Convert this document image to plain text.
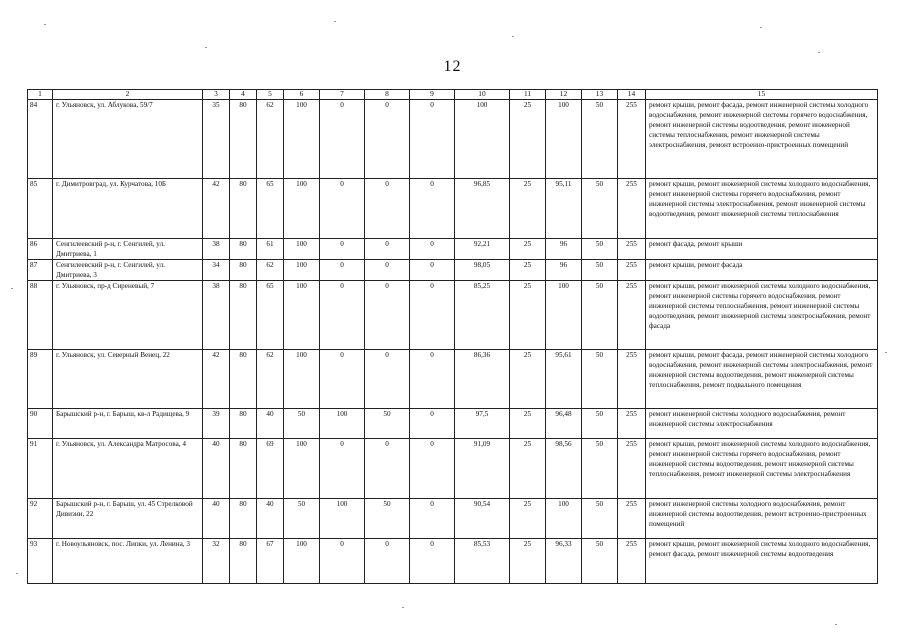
12
1	2	3	4	5	6	7	8	9	10	11	12	13	14	15
84	г. Ульяновск, ул. Аблукова, 59/7	35	80	62	100	0	0	0	100	25	100	50	255	ремонт крыши, ремонт фасада, ремонт инженерной системы холодного водоснабжения, ремонт инженерной системы горячего водоснабжения, ремонт инженерной системы водоотведения, ремонт инженерной системы теплоснабжения, ремонт инженерной системы электроснабжения, ремонт встроенно-пристроенных помещений
85	г. Димитровград, ул. Курчатова, 10Б	42	80	65	100	0	0	0	96,85	25	95,11	50	255	ремонт крыши, ремонт инженерной системы холодного водоснабжения, ремонт инженерной системы горячего водоснабжения, ремонт инженерной системы электроснабжения, ремонт инженерной системы водоотведения, ремонт инженерной системы теплоснабжения
86	Сенгилеевский р-н, г. Сенгилей, ул. Дмитриева, 1	38	80	61	100	0	0	0	92,21	25	96	50	255	ремонт фасада, ремонт крыши
87	Сенгилеевский р-н, г. Сенгилей, ул. Дмитриева, 3	34	80	62	100	0	0	0	98,05	25	96	50	255	ремонт крыши, ремонт фасада
88	г. Ульяновск, пр-д Сиреневый, 7	38	80	65	100	0	0	0	85,25	25	100	50	255	ремонт крыши, ремонт инженерной системы холодного водоснабжения, ремонт инженерной системы горячего водоснабжения, ремонт инженерной системы теплоснабжения, ремонт инженерной системы водоотведения, ремонт инженерной системы электроснабжения, ремонт фасада
89	г. Ульяновск, ул. Северный Венец, 22	42	80	62	100	0	0	0	86,36	25	95,61	50	255	ремонт крыши, ремонт фасада, ремонт инженерной системы холодного водоснабжения, ремонт инженерной системы электроснабжения, ремонт инженерной системы водоотведения, ремонт инженерной системы теплоснабжения, ремонт подвального помещения
90	Барышский р-н, г. Барыш, кв-л Радищева, 9	39	80	40	50	100	50	0	97,5	25	96,48	50	255	ремонт инженерной системы холодного водоснабжения, ремонт инженерной системы электроснабжения
91	г. Ульяновск, ул. Александра Матросова, 4	40	80	69	100	0	0	0	91,09	25	98,56	50	255	ремонт крыши, ремонт инженерной системы холодного водоснабжения, ремонт инженерной системы горячего водоснабжения, ремонт инженерной системы водоотведения, ремонт инженерной системы теплоснабжения, ремонт инженерной системы электроснабжения
92	Барышский р-н, г. Барыш, ул. 45 Стрелковой Дивизии, 22	40	80	40	50	100	50	0	90,54	25	100	50	255	ремонт инженерной системы холодного водоснабжения, ремонт инженерной системы водоотведения, ремонт встроенно-пристроенных помещений
93	г. Новоульяновск, пос. Липки, ул. Ленина, 3	32	80	67	100	0	0	0	85,53	25	96,33	50	255	ремонт крыши, ремонт инженерной системы холодного водоснабжения, ремонт фасада, ремонт инженерной системы водоотведения
